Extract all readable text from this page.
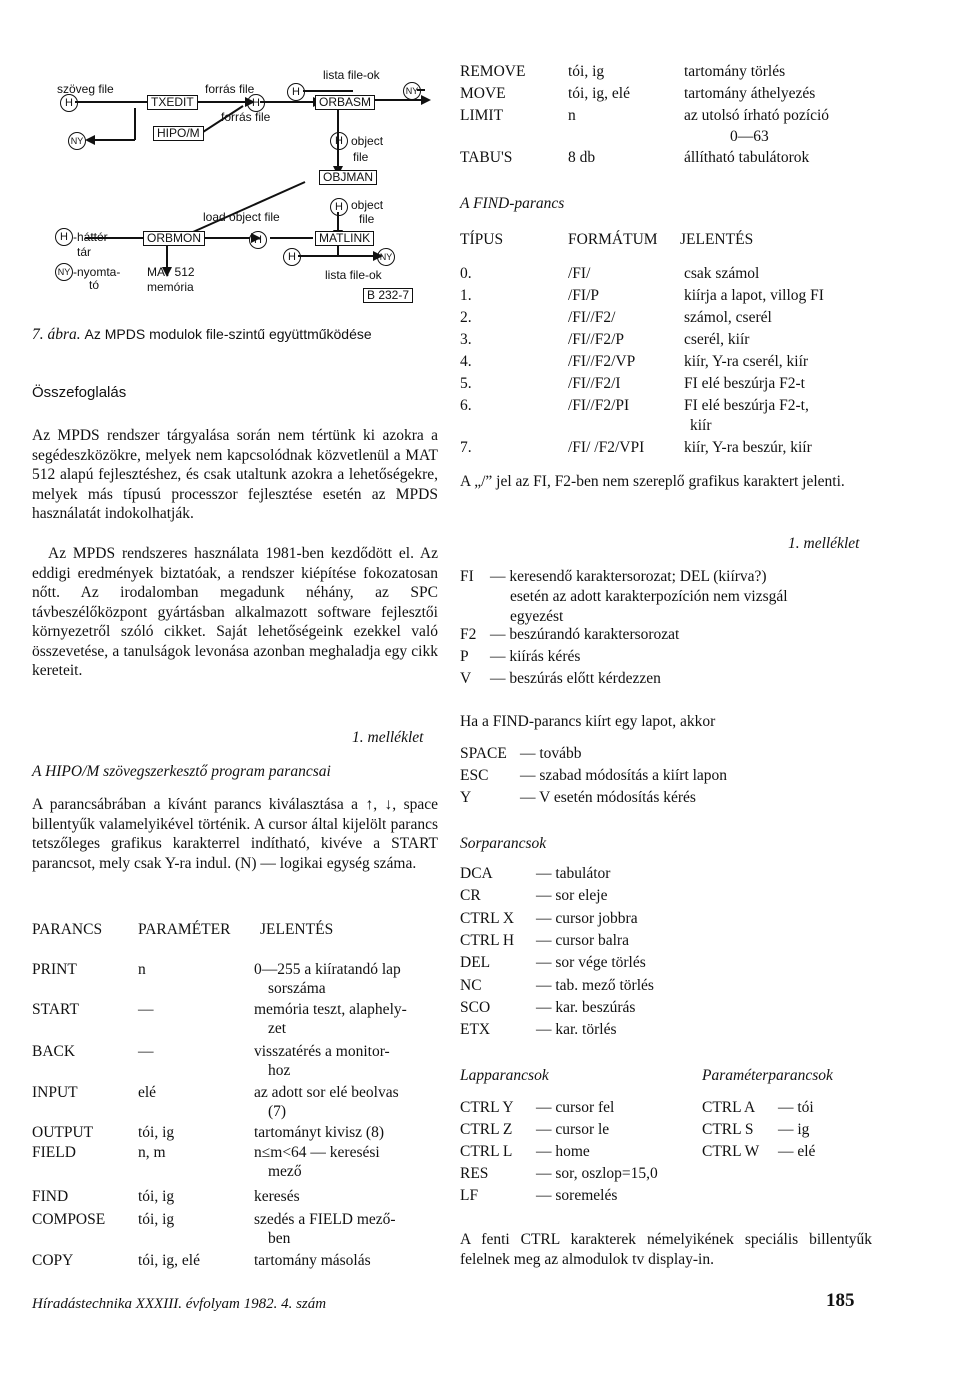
H
NY
H
H	NY
H
H
H
H	NY
H
NY
TXEDIT	ORBASM
HIPO/M
OBJMAN
ORBMON	MATLINK
szöveg file	forrás file
lista file-ok
forrás file
object
file
object
file
load object file
-háttér -
tár
-nyomta-
tó
MAT 512
memória
lista file-ok
B 232-7
7. ábra. Az MPDS modulok file-szintű együttműködése
Összefoglalás
Az MPDS rendszer tárgyalása során nem tértünk ki azokra a segédeszközökre, melyek nem kapcsolódnak közvetlenül a MAT 512 alapú fejlesztéshez, és csak utaltunk azokra a lehetőségekre, melyek más típusú processzor fejlesztése esetén az MPDS használatát indokolhatják.
Az MPDS rendszeres használata 1981-ben kezdődött el. Az eddigi eredmények biztatóak, a rendszer kiépítése fokozatosan nőtt. Az irodalomban megadunk néhány, az SPC távbeszélőközpont gyártásban alkalmazott software fejlesztői környezetről szóló cikket. Saját lehetőségeink ezekkel való összevetése, a tanulságok levonása azonban meghaladja egy cikk kereteit.
1. melléklet
A HIPO/M szövegszerkesztő program parancsai
A parancsábrában a kívánt parancs kiválasztása a ↑, ↓, space billentyűk valamelyikével történik. A cursor által kijelölt parancs tetszőleges grafikus karakterrel indítható, kivéve a START parancsot, mely csak Y-ra indul. (N) — logikai egység száma.
PARANCS PARAMÉTER JELENTÉS
PRINT	n	0—255 a kiíratandó lap
sorszáma
START	—	memória teszt, alaphely-
zet
BACK	—	visszatérés a monitor-
hoz
INPUT	elé	az adott sor elé beolvas
(7)
OUTPUT	tói, ig	tartományt kivisz (8)
FIELD	n, m	n≤m<64 — keresési
mező
FIND	tói, ig	keresés
COMPOSE tói, ig	szedés a FIELD mező-
ben
COPY	tói, ig, elé	tartomány másolás
REMOVE	tói, ig	tartomány törlés
MOVE	tói, ig, elé	tartomány áthelyezés
LIMIT	n	az utolsó írható pozíció
0—63
TABU'S	8 db	állítható tabulátorok
A FIND-parancs
TÍPUS	FORMÁTUM JELENTÉS
0.	/FI/	csak számol
1.	/FI/P	kiírja a lapot, villog FI
2.	/FI//F2/	számol, cserél
3.	/FI//F2/P	cserél, kiír
4.	/FI//F2/VP	kiír, Y-ra cserél, kiír
5.	/FI//F2/I	FI elé beszúrja F2-t
6.	/FI//F2/PI	FI elé beszúrja F2-t,
kiír
7.	/FI/ /F2/VPI	kiír, Y-ra beszúr, kiír
A „/” jel az FI, F2-ben nem szereplő grafikus karaktert jelenti.
1. melléklet
FI — keresendő karaktersorozat; DEL (kiírva?)
esetén az adott karakterpozíción nem vizsgál
egyezést
F2 — beszúrandó karaktersorozat
P — kiírás kérés
V — beszúrás előtt kérdezzen
Ha a FIND-parancs kiírt egy lapot, akkor
SPACE — tovább
ESC — szabad módosítás a kiírt lapon
Y	— V esetén módosítás kérés
Sorparancsok
DCA	— tabulátor
CR	— sor eleje
CTRL X — cursor jobbra
CTRL H — cursor balra
DEL	— sor vége törlés
NC	— tab. mező törlés
SCO	— kar. beszúrás
ETX	— kar. törlés
Lapparancsok	Paraméterparancsok
CTRL Y — cursor fel
CTRL Z — cursor le
CTRL L — home
RES	— sor, oszlop=15,0
LF	— soremelés
CTRL A — tói
CTRL S — ig
CTRL W — elé
A fenti CTRL karakterek némelyikének speciális billentyűk felelnek meg az almodulok tv display-in.
Híradástechnika XXXIII. évfolyam 1982. 4. szám	185
